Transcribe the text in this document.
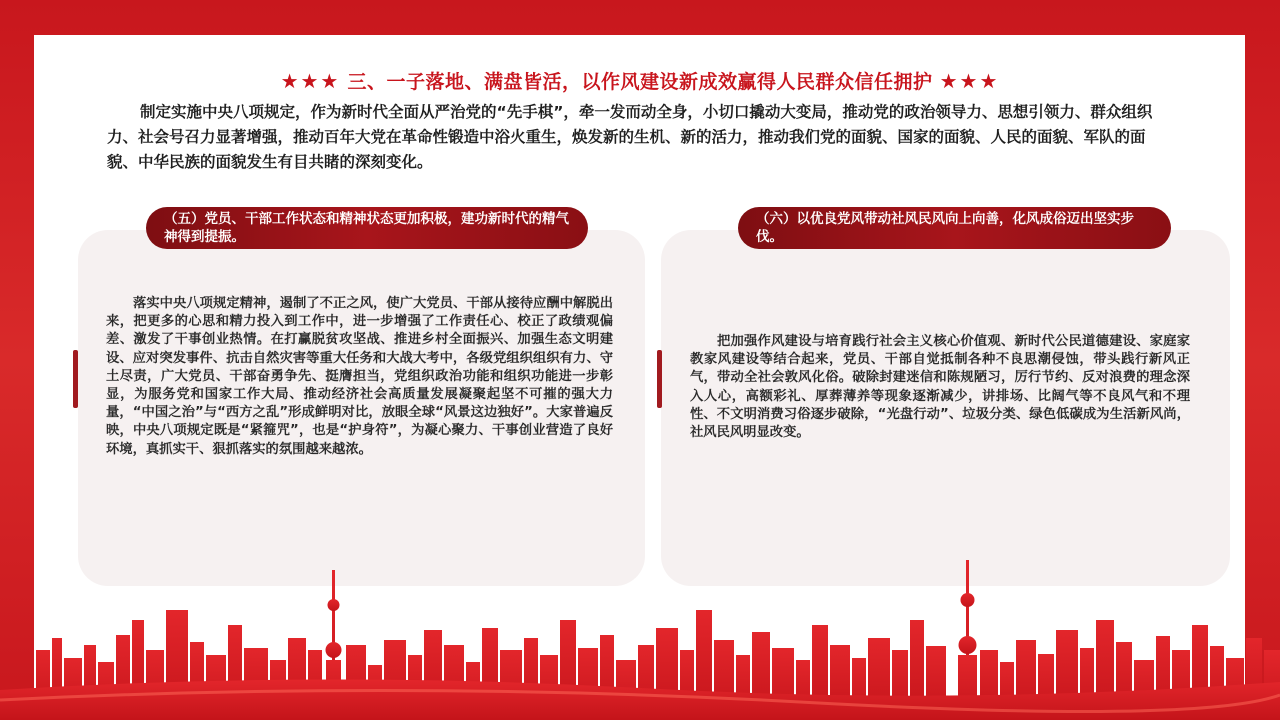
★★★ 三、一子落地、满盘皆活，以作风建设新成效赢得人民群众信任拥护 ★★★
制定实施中央八项规定，作为新时代全面从严治党的“先手棋”，牵一发而动全身，小切口撬动大变局，推动党的政治领导力、思想引领力、群众组织力、社会号召力显著增强，推动百年大党在革命性锻造中浴火重生，焕发新的生机、新的活力，推动我们党的面貌、国家的面貌、人民的面貌、军队的面貌、中华民族的面貌发生有目共睹的深刻变化。
（五）党员、干部工作状态和精神状态更加积极，建功新时代的精气神得到提振。
（六）以优良党风带动社风民风向上向善，化风成俗迈出坚实步伐。
落实中央八项规定精神，遏制了不正之风，使广大党员、干部从接待应酬中解脱出来，把更多的心思和精力投入到工作中，进一步增强了工作责任心、校正了政绩观偏差、激发了干事创业热情。在打赢脱贫攻坚战、推进乡村全面振兴、加强生态文明建设、应对突发事件、抗击自然灾害等重大任务和大战大考中，各级党组织组织有力、守土尽责，广大党员、干部奋勇争先、挺膺担当，党组织政治功能和组织功能进一步彰显，为服务党和国家工作大局、推动经济社会高质量发展凝聚起坚不可摧的强大力量，“中国之治”与“西方之乱”形成鲜明对比，放眼全球“风景这边独好”。大家普遍反映，中央八项规定既是“紧箍咒”，也是“护身符”，为凝心聚力、干事创业营造了良好环境，真抓实干、狠抓落实的氛围越来越浓。
把加强作风建设与培育践行社会主义核心价值观、新时代公民道德建设、家庭家教家风建设等结合起来，党员、干部自觉抵制各种不良思潮侵蚀，带头践行新风正气，带动全社会敦风化俗。破除封建迷信和陈规陋习，厉行节约、反对浪费的理念深入人心，高额彩礼、厚葬薄养等现象逐渐减少，讲排场、比阔气等不良风气和不理性、不文明消费习俗逐步破除，“光盘行动”、垃圾分类、绿色低碳成为生活新风尚，社风民风明显改变。
